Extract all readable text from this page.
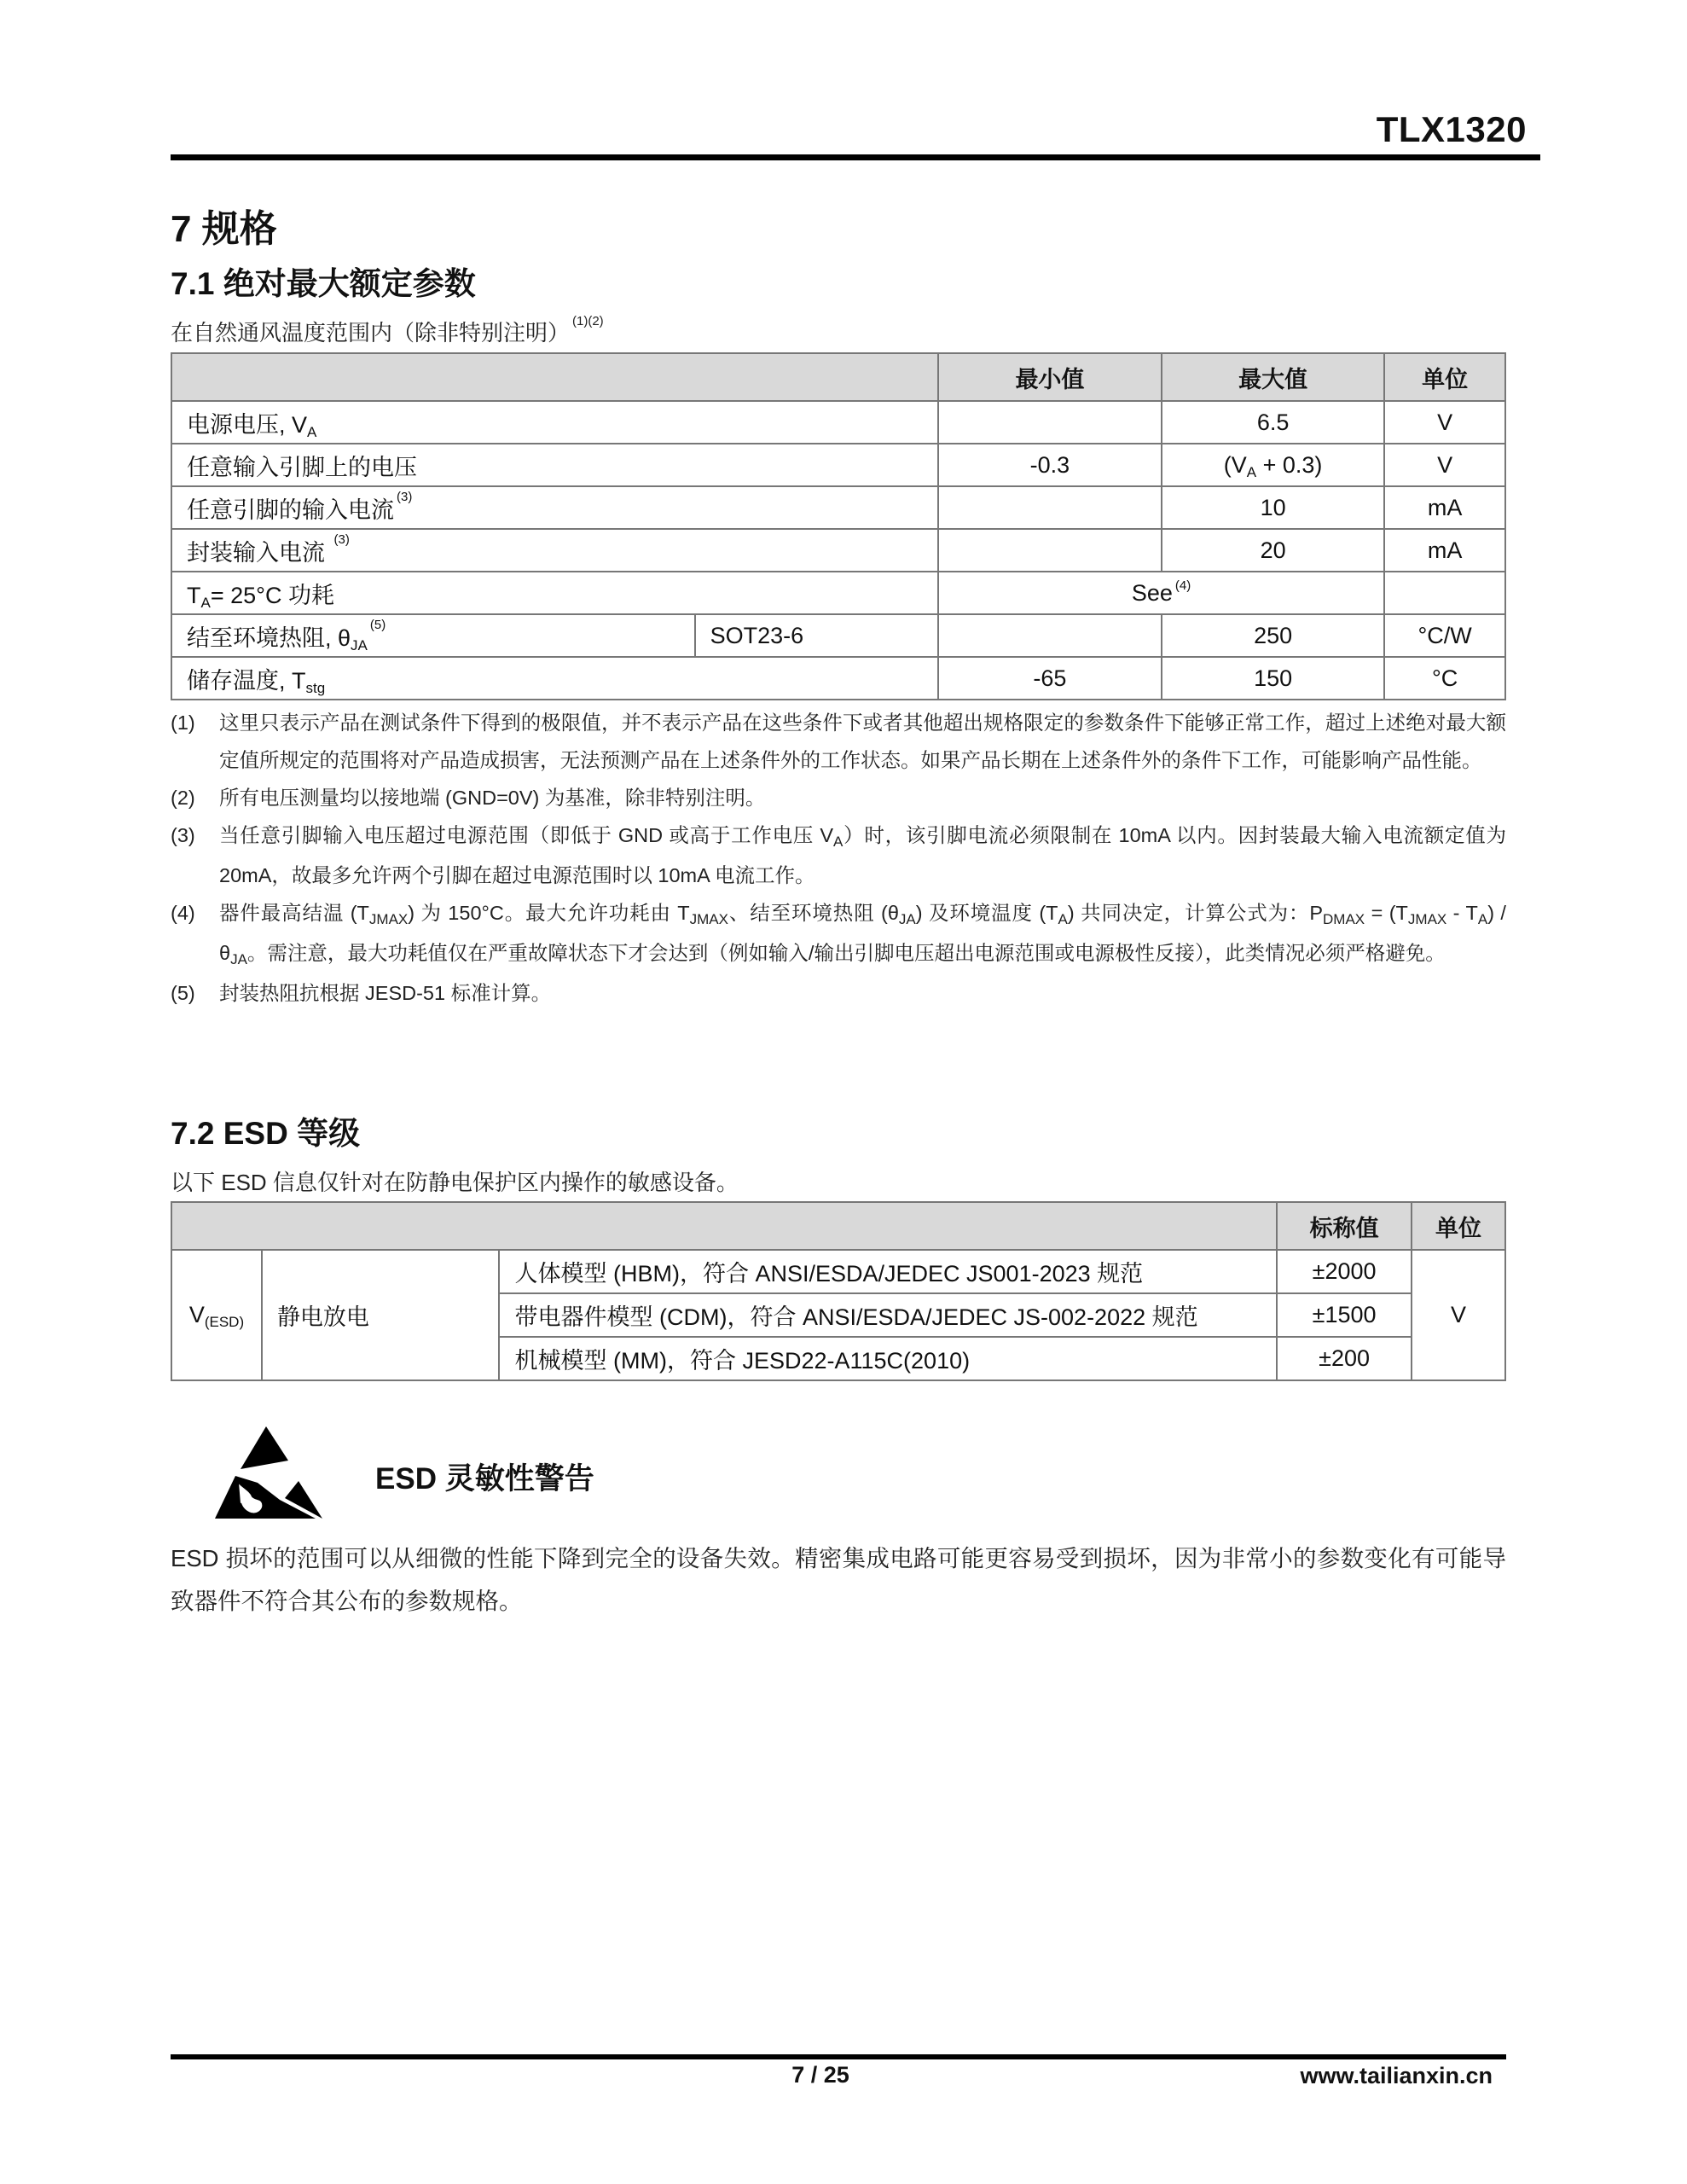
TLX1320
7 规格
7.1 绝对最大额定参数
在自然通风温度范围内（除非特别注明） $^{(1)(2)}$
		最小值	最大值	单位
电源电压, $V_A$			6.5	V
任意输入引脚上的电压		-0.3	$(V_A + 0.3)$	V
任意引脚的输入电流$^{(3)}$			10	mA
封装输入电流 $^{(3)}$			20	mA
$T_A= 25^\circ C$ 功耗		See $^{(4)}$	
结至环境热阻, $\theta_{JA}^{(5)}$	SOT23-6		250	°C/W
储存温度, $T_{stg}$		-65	150	°C
(1)	这里只表示产品在测试条件下得到的极限值，并不表示产品在这些条件下或者其他超出规格限定的参数条件下能够正常工作，超过上述绝对最大额定值所规定的范围将对产品造成损害，无法预测产品在上述条件外的工作状态。如果产品长期在上述条件外的条件下工作，可能影响产品性能。
(2)	所有电压测量均以接地端 (GND=0V) 为基准，除非特别注明。
(3)	当任意引脚输入电压超过电源范围（即低于 GND 或高于工作电压 $V_A$）时，该引脚电流必须限制在 10mA 以内。因封装最大输入电流额定值为 20mA，故最多允许两个引脚在超过电源范围时以 10mA 电流工作。
(4)	器件最高结温 $(T_{JMAX})$ 为 150°C。最大允许功耗由 $T_{JMAX}$、结至环境热阻 $(\theta_{JA})$ 及环境温度 $(T_A)$ 共同决定，计算公式为：$P_{DMAX} = (T_{JMAX} - T_A) / \theta_{JA}$。需注意，最大功耗值仅在严重故障状态下才会达到（例如输入/输出引脚电压超出电源范围或电源极性反接），此类情况必须严格避免。
(5)	封装热阻抗根据 JESD-51 标准计算。
7.2 ESD 等级
以下 ESD 信息仅针对在防静电保护区内操作的敏感设备。
			标称值	单位
$V_{(ESD)}$	静电放电	人体模型 (HBM)，符合 ANSI/ESDA/JEDEC JS001-2023 规范	±2000	V
		带电器件模型 (CDM)，符合 ANSI/ESDA/JEDEC JS-002-2022 规范	±1500	
		机械模型 (MM)，符合 JESD22-A115C(2010)	±200	
ESD 灵敏性警告
ESD 损坏的范围可以从细微的性能下降到完全的设备失效。精密集成电路可能更容易受到损坏，因为非常小的参数变化有可能导致器件不符合其公布的参数规格。
7 / 25	www.tailianxin.cn
